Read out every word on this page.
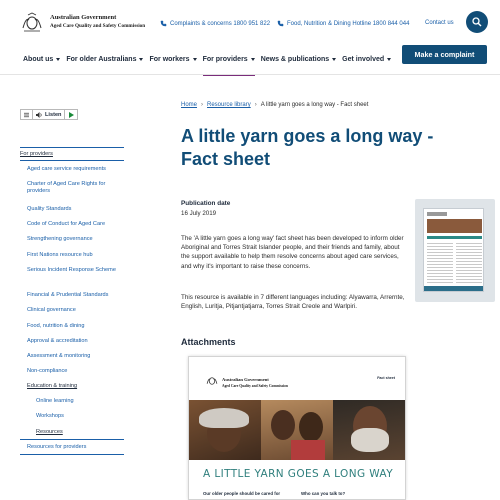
Australian Government
Aged Care Quality and Safety Commission	Complaints & concerns 1800 951 822	Food, Nutrition & Dining Hotline 1800 844 044	Contact us
About us For older Australians For workers For providers News & publications Get involved
Make a complaint
Listen
For providers
Aged care service requirements
Charter of Aged Care Rights for providers
Quality Standards
Code of Conduct for Aged Care
Strengthening governance
First Nations resource hub
Serious Incident Response Scheme
Financial & Prudential Standards
Clinical governance
Food, nutrition & dining
Approval & accreditation
Assessment & monitoring
Non-compliance
Education & training
Online learning
Workshops
Resources
Resources for providers
Home › Resource library › A little yarn goes a long way - Fact sheet
A little yarn goes a long way - Fact sheet
Publication date
16 July 2019

The 'A little yarn goes a long way' fact sheet has been developed to inform older Aboriginal and Torres Strait Islander people, and their friends and family, about the support available to help them resolve concerns about aged care services, and why it's important to raise these concerns.

This resource is available in 7 different languages including: Alyawarra, Arrernte, English, Luritja, Pitjantjatjarra, Torres Strait Creole and Warlpiri.

Attachments
Australian Government
Aged Care Quality and Safety Commission
Fact sheet
A LITTLE YARN GOES A LONG WAY
Our older people should be cared for	Who can you talk to?
